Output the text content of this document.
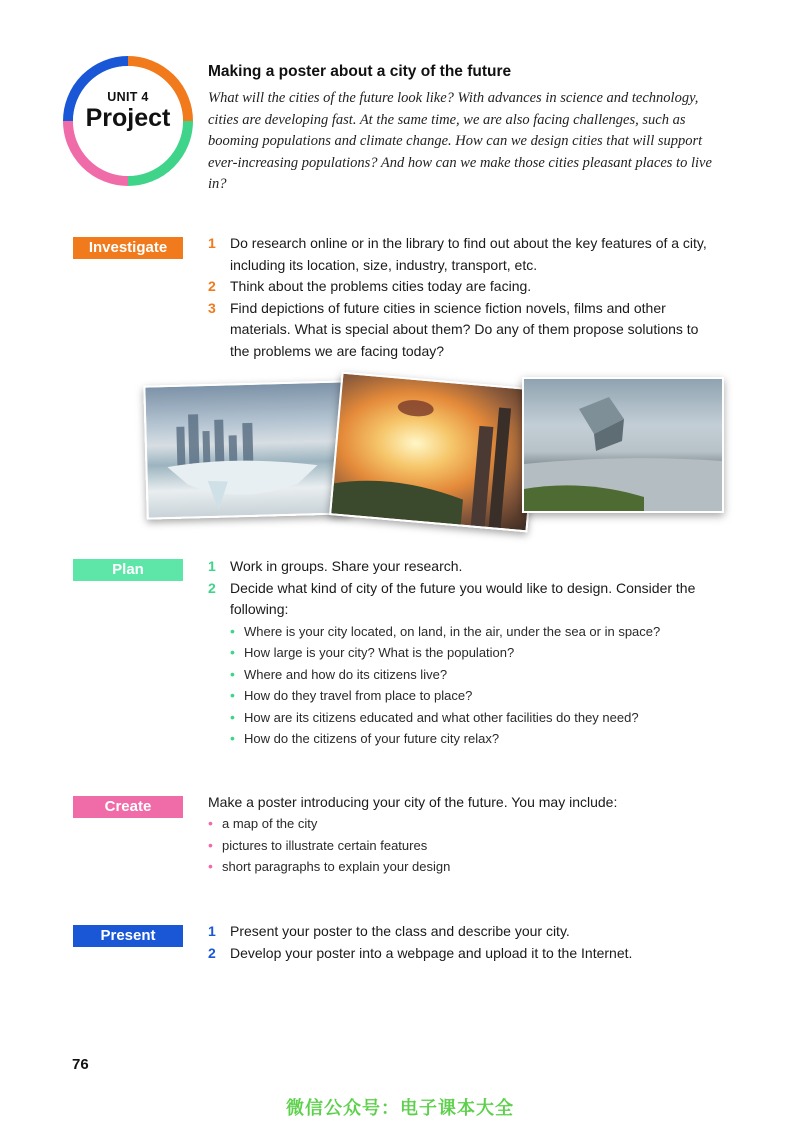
UNIT 4
Project
Making a poster about a city of the future
What will the cities of the future look like? With advances in science and technology, cities are developing fast. At the same time, we are also facing challenges, such as booming populations and climate change. How can we design cities that will support ever-increasing populations? And how can we make those cities pleasant places to live in?
Investigate	1 Do research online or in the library to find out about the key features of a city, including its location, size, industry, transport, etc.
2 Think about the problems cities today are facing.
3 Find depictions of future cities in science fiction novels, films and other materials. What is special about them? Do any of them propose solutions to the problems we are facing today?
Plan	1 Work in groups. Share your research.
2 Decide what kind of city of the future you would like to design. Consider the following:
• Where is your city located, on land, in the air, under the sea or in space?
• How large is your city? What is the population?
• Where and how do its citizens live?
• How do they travel from place to place?
• How are its citizens educated and what other facilities do they need?
• How do the citizens of your future city relax?
Create	Make a poster introducing your city of the future. You may include:
• a map of the city
• pictures to illustrate certain features
• short paragraphs to explain your design
Present	1 Present your poster to the class and describe your city.
2 Develop your poster into a webpage and upload it to the Internet.
76
微信公众号：电子课本大全
